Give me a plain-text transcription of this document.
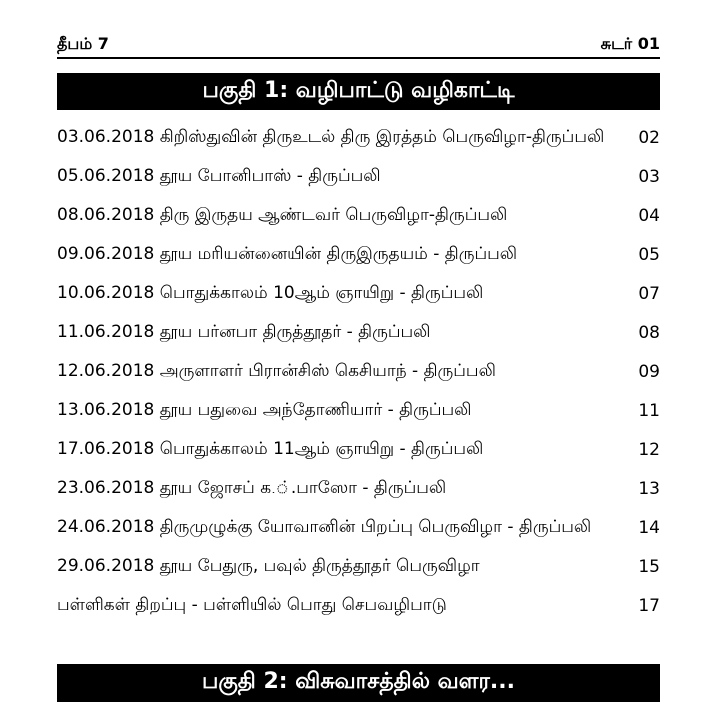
தீபம் 7	சுடர் 01
பகுதி 1: வழிபாட்டு வழிகாட்டி
03.06.2018 கிறிஸ்துவின் திருஉடல் திரு இரத்தம் பெருவிழா-திருப்பலி 02
05.06.2018 தூய போனிபாஸ் - திருப்பலி	03
08.06.2018 திரு இருதய ஆண்டவர் பெருவிழா-திருப்பலி	04
09.06.2018 தூய மரியன்னையின் திருஇருதயம் - திருப்பலி	05
10.06.2018 பொதுக்காலம் 10ஆம் ஞாயிறு - திருப்பலி	07
11.06.2018 தூய பர்னபா திருத்தூதர் - திருப்பலி	08
12.06.2018 அருளாளர் பிரான்சிஸ் கெசியாந் - திருப்பலி	09
13.06.2018 தூய பதுவை அந்தோணியார் - திருப்பலி	11
17.06.2018 பொதுக்காலம் 11ஆம் ஞாயிறு - திருப்பலி	12
23.06.2018 தூய ஜோசப் க.்.பாஸோ - திருப்பலி	13
24.06.2018 திருமுழுக்கு யோவானின் பிறப்பு பெருவிழா - திருப்பலி	14
29.06.2018 தூய பேதுரு, பவுல் திருத்தூதர் பெருவிழா	15
பள்ளிகள் திறப்பு - பள்ளியில் பொது செபவழிபாடு	17
பகுதி 2: விசுவாசத்தில் வளர...
